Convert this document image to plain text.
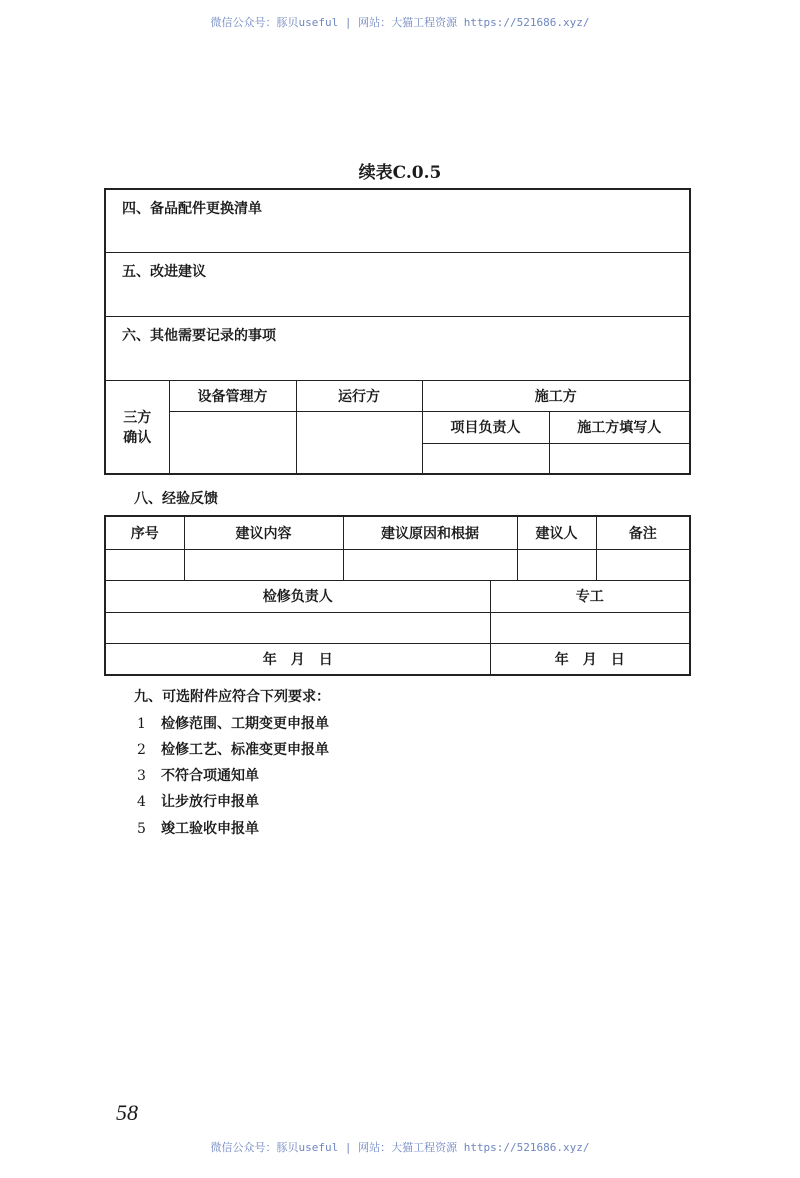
微信公众号：豚贝useful | 网站：大猫工程资源 https://521686.xyz/
续表C.0.5
四、备品配件更换清单				
五、改进建议				
六、其他需要记录的事项				
三方
确认	设备管理方	运行方	施工方	
			项目负责人	施工方填写人

八、经验反馈
序号	建议内容	建议原因和根据		建议人	备注

检修负责人			专工		

年　月　日			年　月　日		
九、可选附件应符合下列要求：
1 检修范围、工期变更申报单
2 检修工艺、标准变更申报单
3 不符合项通知单
4 让步放行申报单
5 竣工验收申报单
58
微信公众号：豚贝useful | 网站：大猫工程资源 https://521686.xyz/
